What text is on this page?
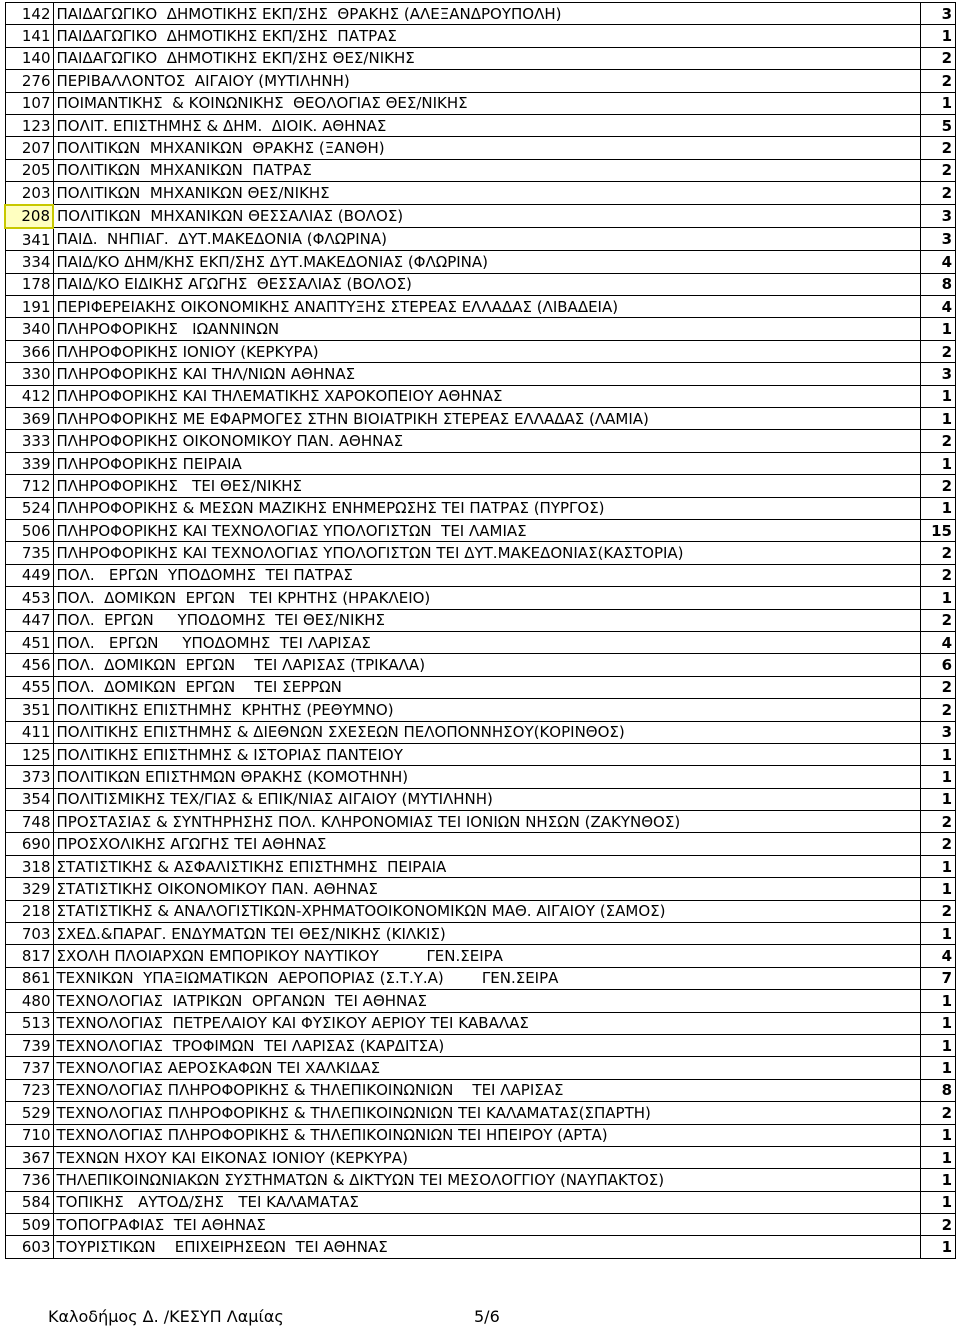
142	ΠΑΙΔΑΓΩΓΙΚΟ  ΔΗΜΟΤΙΚΗΣ ΕΚΠ/ΣΗΣ  ΘΡΑΚΗΣ (ΑΛΕΞΑΝΔΡΟΥΠΟΛΗ)	3
141	ΠΑΙΔΑΓΩΓΙΚΟ  ΔΗΜΟΤΙΚΗΣ ΕΚΠ/ΣΗΣ  ΠΑΤΡΑΣ	1
140	ΠΑΙΔΑΓΩΓΙΚΟ  ΔΗΜΟΤΙΚΗΣ ΕΚΠ/ΣΗΣ ΘΕΣ/ΝΙΚΗΣ	2
276	ΠΕΡΙΒΑΛΛΟΝΤΟΣ  ΑΙΓΑΙΟΥ (ΜΥΤΙΛΗΝΗ)	2
107	ΠΟΙΜΑΝΤΙΚΗΣ  & ΚΟΙΝΩΝΙΚΗΣ  ΘΕΟΛΟΓΙΑΣ ΘΕΣ/ΝΙΚΗΣ	1
123	ΠΟΛΙΤ. ΕΠΙΣΤΗΜΗΣ & ΔΗΜ.  ΔΙΟΙΚ. ΑΘΗΝΑΣ	5
207	ΠΟΛΙΤΙΚΩΝ  ΜΗΧΑΝΙΚΩΝ  ΘΡΑΚΗΣ (ΞΑΝΘΗ)	2
205	ΠΟΛΙΤΙΚΩΝ  ΜΗΧΑΝΙΚΩΝ  ΠΑΤΡΑΣ	2
203	ΠΟΛΙΤΙΚΩΝ  ΜΗΧΑΝΙΚΩΝ ΘΕΣ/ΝΙΚΗΣ	2
208	ΠΟΛΙΤΙΚΩΝ  ΜΗΧΑΝΙΚΩΝ ΘΕΣΣΑΛΙΑΣ (ΒΟΛΟΣ)	3
341	ΠΑΙΔ.  ΝΗΠΙΑΓ.  ΔΥΤ.ΜΑΚΕΔΟΝΙΑ (ΦΛΩΡΙΝΑ)	3
334	ΠΑΙΔ/ΚΟ ΔΗΜ/ΚΗΣ ΕΚΠ/ΣΗΣ ΔΥΤ.ΜΑΚΕΔΟΝΙΑΣ (ΦΛΩΡΙΝΑ)	4
178	ΠΑΙΔ/ΚΟ ΕΙΔΙΚΗΣ ΑΓΩΓΗΣ  ΘΕΣΣΑΛΙΑΣ (ΒΟΛΟΣ)	8
191	ΠΕΡΙΦΕΡΕΙΑΚΗΣ ΟΙΚΟΝΟΜΙΚΗΣ ΑΝΑΠΤΥΞΗΣ ΣΤΕΡΕΑΣ ΕΛΛΑΔΑΣ (ΛΙΒΑΔΕΙΑ)	4
340	ΠΛΗΡΟΦΟΡΙΚΗΣ   ΙΩΑΝΝΙΝΩΝ	1
366	ΠΛΗΡΟΦΟΡΙΚΗΣ ΙΟΝΙΟΥ (ΚΕΡΚΥΡΑ)	2
330	ΠΛΗΡΟΦΟΡΙΚΗΣ ΚΑΙ ΤΗΛ/ΝΙΩΝ ΑΘΗΝΑΣ	3
412	ΠΛΗΡΟΦΟΡΙΚΗΣ ΚΑΙ ΤΗΛΕΜΑΤΙΚΗΣ ΧΑΡΟΚΟΠΕΙΟΥ ΑΘΗΝΑΣ	1
369	ΠΛΗΡΟΦΟΡΙΚΗΣ ΜΕ ΕΦΑΡΜΟΓΕΣ ΣΤΗΝ ΒΙΟΙΑΤΡΙΚΗ ΣΤΕΡΕΑΣ ΕΛΛΑΔΑΣ (ΛΑΜΙΑ)	1
333	ΠΛΗΡΟΦΟΡΙΚΗΣ ΟΙΚΟΝΟΜΙΚΟΥ ΠΑΝ. ΑΘΗΝΑΣ	2
339	ΠΛΗΡΟΦΟΡΙΚΗΣ ΠΕΙΡΑΙΑ	1
712	ΠΛΗΡΟΦΟΡΙΚΗΣ   ΤΕΙ ΘΕΣ/ΝΙΚΗΣ	2
524	ΠΛΗΡΟΦΟΡΙΚΗΣ & ΜΕΣΩΝ ΜΑΖΙΚΗΣ ΕΝΗΜΕΡΩΣΗΣ ΤΕΙ ΠΑΤΡΑΣ (ΠΥΡΓΟΣ)	1
506	ΠΛΗΡΟΦΟΡΙΚΗΣ ΚΑΙ ΤΕΧΝΟΛΟΓΙΑΣ ΥΠΟΛΟΓΙΣΤΩΝ  ΤΕΙ ΛΑΜΙΑΣ	15
735	ΠΛΗΡΟΦΟΡΙΚΗΣ ΚΑΙ ΤΕΧΝΟΛΟΓΙΑΣ ΥΠΟΛΟΓΙΣΤΩΝ ΤΕΙ ΔΥΤ.ΜΑΚΕΔΟΝΙΑΣ(ΚΑΣΤΟΡΙΑ)	2
449	ΠΟΛ.   ΕΡΓΩΝ  ΥΠΟΔΟΜΗΣ  ΤΕΙ ΠΑΤΡΑΣ	2
453	ΠΟΛ.  ΔΟΜΙΚΩΝ  ΕΡΓΩΝ   ΤΕΙ ΚΡΗΤΗΣ (ΗΡΑΚΛΕΙΟ)	1
447	ΠΟΛ.  ΕΡΓΩΝ     ΥΠΟΔΟΜΗΣ  ΤΕΙ ΘΕΣ/ΝΙΚΗΣ	2
451	ΠΟΛ.   ΕΡΓΩΝ     ΥΠΟΔΟΜΗΣ  ΤΕΙ ΛΑΡΙΣΑΣ	4
456	ΠΟΛ.  ΔΟΜΙΚΩΝ  ΕΡΓΩΝ    ΤΕΙ ΛΑΡΙΣΑΣ (ΤΡΙΚΑΛΑ)	6
455	ΠΟΛ.  ΔΟΜΙΚΩΝ  ΕΡΓΩΝ    ΤΕΙ ΣΕΡΡΩΝ	2
351	ΠΟΛΙΤΙΚΗΣ ΕΠΙΣΤΗΜΗΣ  ΚΡΗΤΗΣ (ΡΕΘΥΜΝΟ)	2
411	ΠΟΛΙΤΙΚΗΣ ΕΠΙΣΤΗΜΗΣ & ΔΙΕΘΝΩΝ ΣΧΕΣΕΩΝ ΠΕΛΟΠΟΝΝΗΣΟΥ(ΚΟΡΙΝΘΟΣ)	3
125	ΠΟΛΙΤΙΚΗΣ ΕΠΙΣΤΗΜΗΣ & ΙΣΤΟΡΙΑΣ ΠΑΝΤΕΙΟΥ	1
373	ΠΟΛΙΤΙΚΩΝ ΕΠΙΣΤΗΜΩΝ ΘΡΑΚΗΣ (ΚΟΜΟΤΗΝΗ)	1
354	ΠΟΛΙΤΙΣΜΙΚΗΣ ΤΕΧ/ΓΙΑΣ & ΕΠΙΚ/ΝΙΑΣ ΑΙΓΑΙΟΥ (ΜΥΤΙΛΗΝΗ)	1
748	ΠΡΟΣΤΑΣΙΑΣ & ΣΥΝΤΗΡΗΣΗΣ ΠΟΛ. ΚΛΗΡΟΝΟΜΙΑΣ ΤΕΙ ΙΟΝΙΩΝ ΝΗΣΩΝ (ΖΑΚΥΝΘΟΣ)	2
690	ΠΡΟΣΧΟΛΙΚΗΣ ΑΓΩΓΗΣ ΤΕΙ ΑΘΗΝΑΣ	2
318	ΣΤΑΤΙΣΤΙΚΗΣ & ΑΣΦΑΛΙΣΤΙΚΗΣ ΕΠΙΣΤΗΜΗΣ  ΠΕΙΡΑΙΑ	1
329	ΣΤΑΤΙΣΤΙΚΗΣ ΟΙΚΟΝΟΜΙΚΟΥ ΠΑΝ. ΑΘΗΝΑΣ	1
218	ΣΤΑΤΙΣΤΙΚΗΣ & ΑΝΑΛΟΓΙΣΤΙΚΩΝ-ΧΡΗΜΑΤΟΟΙΚΟΝΟΜΙΚΩΝ ΜΑΘ. ΑΙΓΑΙΟΥ (ΣΑΜΟΣ)	2
703	ΣΧΕΔ.&ΠΑΡΑΓ. ΕΝΔΥΜΑΤΩΝ ΤΕΙ ΘΕΣ/ΝΙΚΗΣ (ΚΙΛΚΙΣ)	1
817	ΣΧΟΛΗ ΠΛΟΙΑΡΧΩΝ ΕΜΠΟΡΙΚΟΥ ΝΑΥΤΙΚΟΥ          ΓΕΝ.ΣΕΙΡΑ	4
861	ΤΕΧΝΙΚΩΝ  ΥΠΑΞΙΩΜΑΤΙΚΩΝ  ΑΕΡΟΠΟΡΙΑΣ (Σ.Τ.Υ.Α)        ΓΕΝ.ΣΕΙΡΑ	7
480	ΤΕΧΝΟΛΟΓΙΑΣ  ΙΑΤΡΙΚΩΝ  ΟΡΓΑΝΩΝ  ΤΕΙ ΑΘΗΝΑΣ	1
513	ΤΕΧΝΟΛΟΓΙΑΣ  ΠΕΤΡΕΛΑΙΟΥ ΚΑΙ ΦΥΣΙΚΟΥ ΑΕΡΙΟΥ ΤΕΙ ΚΑΒΑΛΑΣ	1
739	ΤΕΧΝΟΛΟΓΙΑΣ  ΤΡΟΦΙΜΩΝ  ΤΕΙ ΛΑΡΙΣΑΣ (ΚΑΡΔΙΤΣΑ)	1
737	ΤΕΧΝΟΛΟΓΙΑΣ ΑΕΡΟΣΚΑΦΩΝ ΤΕΙ ΧΑΛΚΙΔΑΣ	1
723	ΤΕΧΝΟΛΟΓΙΑΣ ΠΛΗΡΟΦΟΡΙΚΗΣ & ΤΗΛΕΠΙΚΟΙΝΩΝΙΩΝ    ΤΕΙ ΛΑΡΙΣΑΣ	8
529	ΤΕΧΝΟΛΟΓΙΑΣ ΠΛΗΡΟΦΟΡΙΚΗΣ & ΤΗΛΕΠΙΚΟΙΝΩΝΙΩΝ ΤΕΙ ΚΑΛΑΜΑΤΑΣ(ΣΠΑΡΤΗ)	2
710	ΤΕΧΝΟΛΟΓΙΑΣ ΠΛΗΡΟΦΟΡΙΚΗΣ & ΤΗΛΕΠΙΚΟΙΝΩΝΙΩΝ ΤΕΙ ΗΠΕΙΡΟΥ (ΑΡΤΑ)	1
367	ΤΕΧΝΩΝ ΗΧΟΥ ΚΑΙ ΕΙΚΟΝΑΣ ΙΟΝΙΟΥ (ΚΕΡΚΥΡΑ)	1
736	ΤΗΛΕΠΙΚΟΙΝΩΝΙΑΚΩΝ ΣΥΣΤΗΜΑΤΩΝ & ΔΙΚΤΥΩΝ ΤΕΙ ΜΕΣΟΛΟΓΓΙΟΥ (ΝΑΥΠΑΚΤΟΣ)	1
584	ΤΟΠΙΚΗΣ   ΑΥΤΟΔ/ΣΗΣ   ΤΕΙ ΚΑΛΑΜΑΤΑΣ	1
509	ΤΟΠΟΓΡΑΦΙΑΣ  ΤΕΙ ΑΘΗΝΑΣ	2
603	ΤΟΥΡΙΣΤΙΚΩΝ    ΕΠΙΧΕΙΡΗΣΕΩΝ  ΤΕΙ ΑΘΗΝΑΣ	1
Καλοδήμος Δ. /ΚΕΣΥΠ Λαμίας	5/6
